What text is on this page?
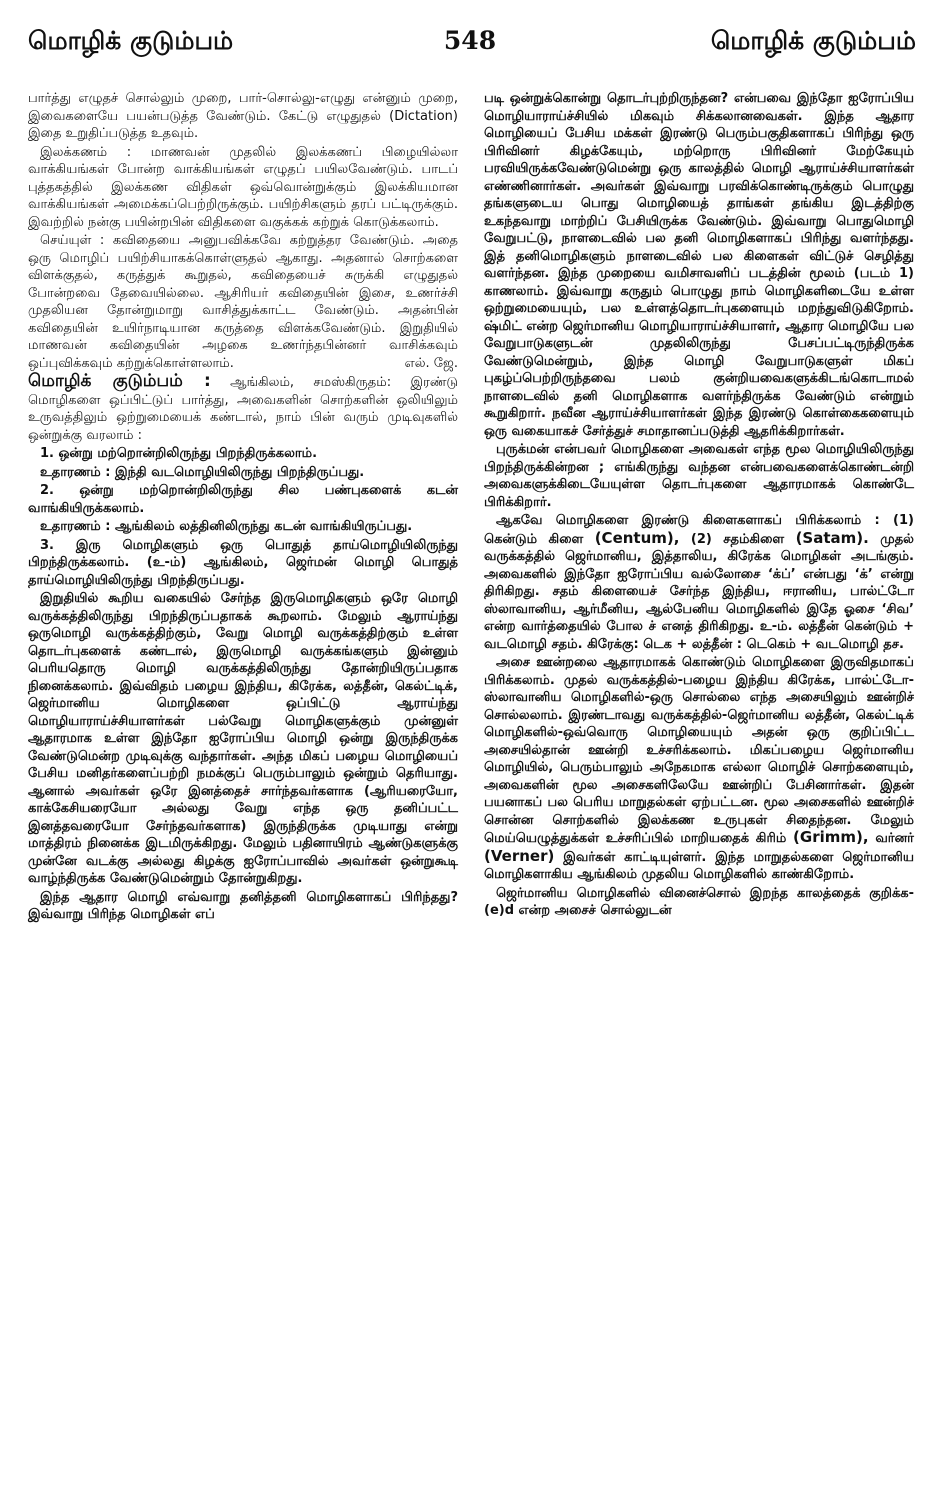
548
மொழிக் குடும்பம்	மொழிக் குடும்பம்

பார்த்து எழுதச் சொல்லும் முறை, பார்-சொல்லு-எழுது என்னும் முறை, இவைகளையே பயன்படுத்த வேண்டும். கேட்டு எழுதுதல் (Dictation) இதை உறுதிப்படுத்த உதவும்.

இலக்கணம் : மாணவன் முதலில் இலக்கணப் பிழையில்லா வாக்கியங்கள் போன்ற வாக்கியங்கள் எழுதப் பயிலவேண்டும். பாடப் புத்தகத்தில் இலக்கண விதிகள் ஒவ்வொன்றுக்கும் இலக்கியமான வாக்கியங்கள் அமைக்கப்பெற்றிருக்கும். பயிற்சிகளும் தரப் பட்டிருக்கும். இவற்றில் நன்கு பயின்றபின் விதிகளை வகுக்கக் கற்றுக் கொடுக்கலாம்.

செய்யுள் : கவிதையை அனுபவிக்கவே கற்றுத்தர வேண்டும். அதை ஒரு மொழிப் பயிற்சியாகக்கொள்ளுதல் ஆகாது. அதனால் சொற்களை விளக்குதல், கருத்துக் கூறுதல், கவிதையைச் சுருக்கி எழுதுதல் போன்றவை தேவையில்லை. ஆசிரியர் கவிதையின் இசை, உணர்ச்சி முதலியன தோன்றுமாறு வாசித்துக்காட்ட வேண்டும். அதன்பின் கவிதையின் உயிர்நாடியான கருத்தை விளக்கவேண்டும். இறுதியில் மாணவன் கவிதையின் அழகை உணர்ந்தபின்னர் வாசிக்கவும் ஒப்புவிக்கவும் கற்றுக்கொள்ளலாம்.	எல். ஜே.

மொழிக் குடும்பம் : ஆங்கிலம், சமஸ்கிருதம்: இரண்டு மொழிகளை ஒப்பிட்டுப் பார்த்து, அவைகளின் சொற்களின் ஒலியிலும் உருவத்திலும் ஒற்றுமையைக் கண்டால், நாம் பின் வரும் முடிவுகளில் ஒன்றுக்கு வரலாம் :

1. ஒன்று மற்றொன்றிலிருந்து பிறந்திருக்கலாம்.

உதாரணம் : இந்தி வடமொழியிலிருந்து பிறந்திருப்பது.

2. ஒன்று மற்றொன்றிலிருந்து சில பண்புகளைக் கடன் வாங்கியிருக்கலாம்.

உதாரணம் : ஆங்கிலம் லத்தினிலிருந்து கடன் வாங்கியிருப்பது.

3. இரு மொழிகளும் ஒரு பொதுத் தாய்மொழியிலிருந்து பிறந்திருக்கலாம். (உ-ம்) ஆங்கிலம், ஜெர்மன் மொழி பொதுத் தாய்மொழியிலிருந்து பிறந்திருப்பது.

இறுதியில் கூறிய வகையில் சேர்ந்த இருமொழிகளும் ஒரே மொழி வருக்கத்திலிருந்து பிறந்திருப்பதாகக் கூறலாம். மேலும் ஆராய்ந்து ஒருமொழி வருக்கத்திற்கும், வேறு மொழி வருக்கத்திற்கும் உள்ள தொடர்புகளைக் கண்டால், இருமொழி வருக்கங்களும் இன்னும் பெரியதொரு மொழி வருக்கத்திலிருந்து தோன்றியிருப்பதாக நினைக்கலாம். இவ்விதம் பழைய இந்திய, கிரேக்க, லத்தீன், கெல்ட்டிக், ஜெர்மானிய மொழிகளை ஒப்பிட்டு ஆராய்ந்து மொழியாராய்ச்சியாளர்கள் பல்வேறு மொழிகளுக்கும் முன்னுள் ஆதாரமாக உள்ள இந்தோ ஐரோப்பிய மொழி ஒன்று இருந்திருக்க வேண்டுமென்ற முடிவுக்கு வந்தார்கள். அந்த மிகப் பழைய மொழியைப் பேசிய மனிதர்களைப்பற்றி நமக்குப் பெரும்பாலும் ஒன்றும் தெரியாது. ஆனால் அவர்கள் ஒரே இனத்தைச் சார்ந்தவர்களாக (ஆரியரையோ, காக்கேசியரையோ அல்லது வேறு எந்த ஒரு தனிப்பட்ட இனத்தவரையோ சேர்ந்தவர்களாக) இருந்திருக்க முடியாது என்று மாத்திரம் நினைக்க இடமிருக்கிறது. மேலும் பதினாயிரம் ஆண்டுகளுக்கு முன்னே வடக்கு அல்லது கிழக்கு ஐரோப்பாவில் அவர்கள் ஒன்றுகூடி வாழ்ந்திருக்க வேண்டுமென்றும் தோன்றுகிறது.

இந்த ஆதார மொழி எவ்வாறு தனித்தனி மொழிகளாகப் பிரிந்தது? இவ்வாறு பிரிந்த மொழிகள் எப்

படி ஒன்றுக்கொன்று தொடர்புற்றிருந்தன? என்பவை இந்தோ ஐரோப்பிய மொழியாராய்ச்சியில் மிகவும் சிக்கலானவைகள். இந்த ஆதார மொழியைப் பேசிய மக்கள் இரண்டு பெரும்பகுதிகளாகப் பிரிந்து ஒரு பிரிவினர் கிழக்கேயும், மற்றொரு பிரிவினர் மேற்கேயும் பரவியிருக்கவேண்டுமென்று ஒரு காலத்தில் மொழி ஆராய்ச்சியாளர்கள் எண்ணினார்கள். அவர்கள் இவ்வாறு பரவிக்கொண்டிருக்கும் பொழுது தங்களுடைய பொது மொழியைத் தாங்கள் தங்கிய இடத்திற்கு உகந்தவாறு மாற்றிப் பேசியிருக்க வேண்டும். இவ்வாறு பொதுமொழி வேறுபட்டு, நாளடைவில் பல தனி மொழிகளாகப் பிரிந்து வளர்ந்தது. இத் தனிமொழிகளும் நாளடைவில் பல கிளைகள் விட்டுச் செழித்து வளர்ந்தன. இந்த முறையை வமிசாவளிப் படத்தின் மூலம் (படம் 1) காணலாம். இவ்வாறு கருதும் பொழுது நாம் மொழிகளிடையே உள்ள ஒற்றுமையையும், பல உள்ளத்தொடர்புகளையும் மறந்துவிடுகிறோம். ஷ்மிட் என்ற ஜெர்மானிய மொழியாராய்ச்சியாளர், ஆதார மொழியே பல வேறுபாடுகளுடன் முதலிலிருந்து பேசப்பட்டிருந்திருக்க வேண்டுமென்றும், இந்த மொழி வேறுபாடுகளுள் மிகப் புகழ்ப்பெற்றிருந்தவை பலம் குன்றியவைகளுக்கிடங்கொடாமல் நாளடைவில் தனி மொழிகளாக வளர்ந்திருக்க வேண்டும் என்றும் கூறுகிறார். நவீன ஆராய்ச்சியாளர்கள் இந்த இரண்டு கொள்கைகளையும் ஒரு வகையாகச் சேர்த்துச் சமாதானப்படுத்தி ஆதரிக்கிறார்கள்.

புருக்மன் என்பவர் மொழிகளை அவைகள் எந்த மூல மொழியிலிருந்து பிறந்திருக்கின்றன ; எங்கிருந்து வந்தன என்பவைகளைக்கொண்டன்றி அவைகளுக்கிடையேயுள்ள தொடர்புகளை ஆதாரமாகக் கொண்டே பிரிக்கிறார்.

ஆகவே மொழிகளை இரண்டு கிளைகளாகப் பிரிக்கலாம் : (1) கென்டும் கிளை (Centum), (2) சதம்கிளை (Satam). முதல் வருக்கத்தில் ஜெர்மானிய, இத்தாலிய, கிரேக்க மொழிகள் அடங்கும். அவைகளில் இந்தோ ஐரோப்பிய வல்லோசை ‘க்ப்’ என்பது ‘க்’ என்று திரிகிறது. சதம் கிளையைச் சேர்ந்த இந்திய, ஈரானிய, பால்ட்டோ ஸ்லாவானிய, ஆர்மீனிய, ஆல்பேனிய மொழிகளில் இதே ஓசை ‘சிவ’ என்ற வார்த்தையில் போல ச் எனத் திரிகிறது. உ-ம். லத்தீன் கென்டும் + வடமொழி சதம். கிரேக்கு: டெக + லத்தீன் : டெகெம் + வடமொழி தச.

அசை ஊன்றலை ஆதாரமாகக் கொண்டும் மொழிகளை இருவிதமாகப் பிரிக்கலாம். முதல் வருக்கத்தில்-பழைய இந்திய கிரேக்க, பால்ட்டோ-ஸ்லாவானிய மொழிகளில்-ஒரு சொல்லை எந்த அசையிலும் ஊன்றிச் சொல்லலாம். இரண்டாவது வருக்கத்தில்-ஜெர்மானிய லத்தீன், கெல்ட்டிக் மொழிகளில்-ஒவ்வொரு மொழியையும் அதன் ஒரு குறிப்பிட்ட அசையில்தான் ஊன்றி உச்சரிக்கலாம். மிகப்பழைய ஜெர்மானிய மொழியில், பெரும்பாலும் அநேகமாக எல்லா மொழிச் சொற்களையும், அவைகளின் மூல அசைகளிலேயே ஊன்றிப் பேசினார்கள். இதன் பயனாகப் பல பெரிய மாறுதல்கள் ஏற்பட்டன. மூல அசைகளில் ஊன்றிச் சொன்ன சொற்களில் இலக்கண உருபுகள் சிதைந்தன. மேலும் மெய்யெழுத்துக்கள் உச்சரிப்பில் மாறியதைக் கிரிம் (Grimm), வர்னர் (Verner) இவர்கள் காட்டியுள்ளர். இந்த மாறுதல்களை ஜெர்மானிய மொழிகளாகிய ஆங்கிலம் முதலிய மொழிகளில் காண்கிறோம்.

ஜெர்மானிய மொழிகளில் வினைச்சொல் இறந்த காலத்தைக் குறிக்க-(e)d என்ற அசைச் சொல்லுடன்
